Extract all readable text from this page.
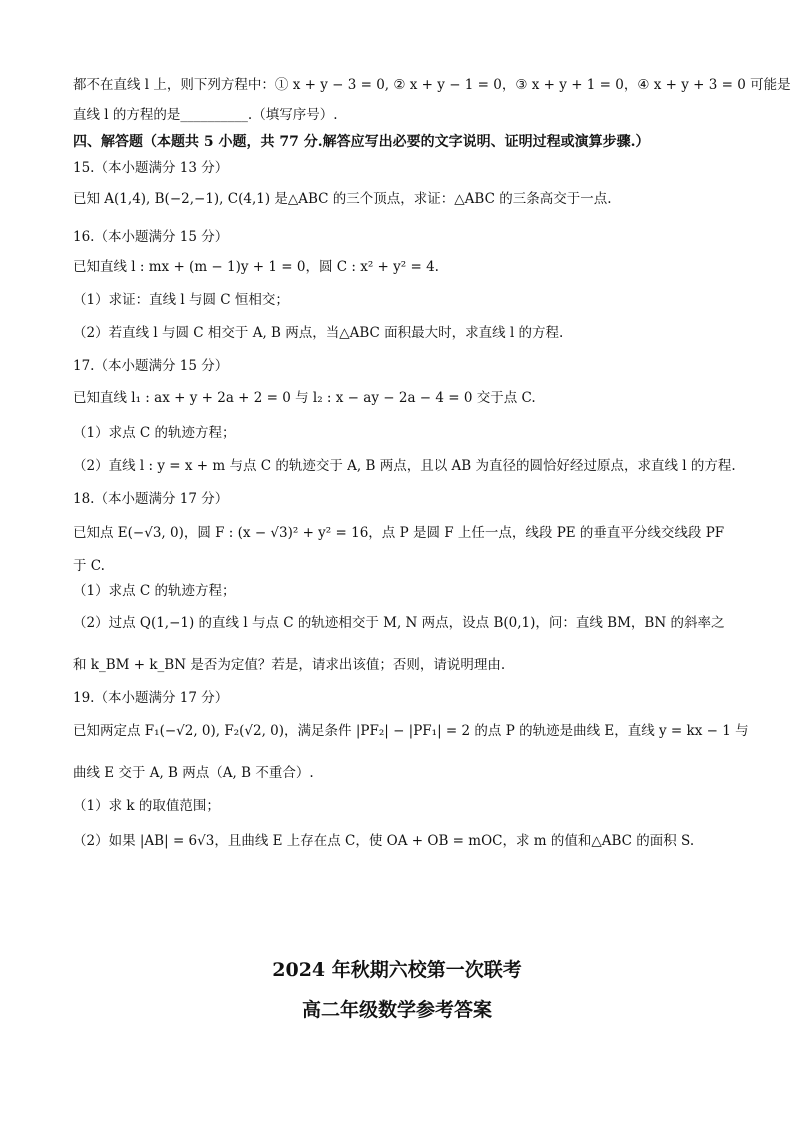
都不在直线 l 上，则下列方程中：① x + y − 3 = 0, ② x + y − 1 = 0，③ x + y + 1 = 0，④ x + y + 3 = 0 可能是
直线 l 的方程的是__________.（填写序号）.
四、解答题（本题共 5 小题，共 77 分.解答应写出必要的文字说明、证明过程或演算步骤.）
15.（本小题满分 13 分）
已知 A(1,4), B(−2,−1), C(4,1) 是△ABC 的三个顶点，求证：△ABC 的三条高交于一点.
16.（本小题满分 15 分）
已知直线 l : mx + (m − 1)y + 1 = 0，圆 C : x² + y² = 4.
（1）求证：直线 l 与圆 C 恒相交；
（2）若直线 l 与圆 C 相交于 A, B 两点，当△ABC 面积最大时，求直线 l 的方程.
17.（本小题满分 15 分）
已知直线 l₁ : ax + y + 2a + 2 = 0 与 l₂ : x − ay − 2a − 4 = 0 交于点 C.
（1）求点 C 的轨迹方程；
（2）直线 l : y = x + m 与点 C 的轨迹交于 A, B 两点，且以 AB 为直径的圆恰好经过原点，求直线 l 的方程.
18.（本小题满分 17 分）
已知点 E(−√3, 0)，圆 F : (x − √3)² + y² = 16，点 P 是圆 F 上任一点，线段 PE 的垂直平分线交线段 PF
于 C.
（1）求点 C 的轨迹方程；
（2）过点 Q(1,−1) 的直线 l 与点 C 的轨迹相交于 M, N 两点，设点 B(0,1)，问：直线 BM，BN 的斜率之
和 k_BM + k_BN 是否为定值？若是，请求出该值；否则，请说明理由.
19.（本小题满分 17 分）
已知两定点 F₁(−√2, 0), F₂(√2, 0)，满足条件 |PF₂| − |PF₁| = 2 的点 P 的轨迹是曲线 E，直线 y = kx − 1 与
曲线 E 交于 A, B 两点（A, B 不重合）.
（1）求 k 的取值范围；
（2）如果 |AB| = 6√3，且曲线 E 上存在点 C，使 OA + OB = mOC，求 m 的值和△ABC 的面积 S.
2024 年秋期六校第一次联考
高二年级数学参考答案
